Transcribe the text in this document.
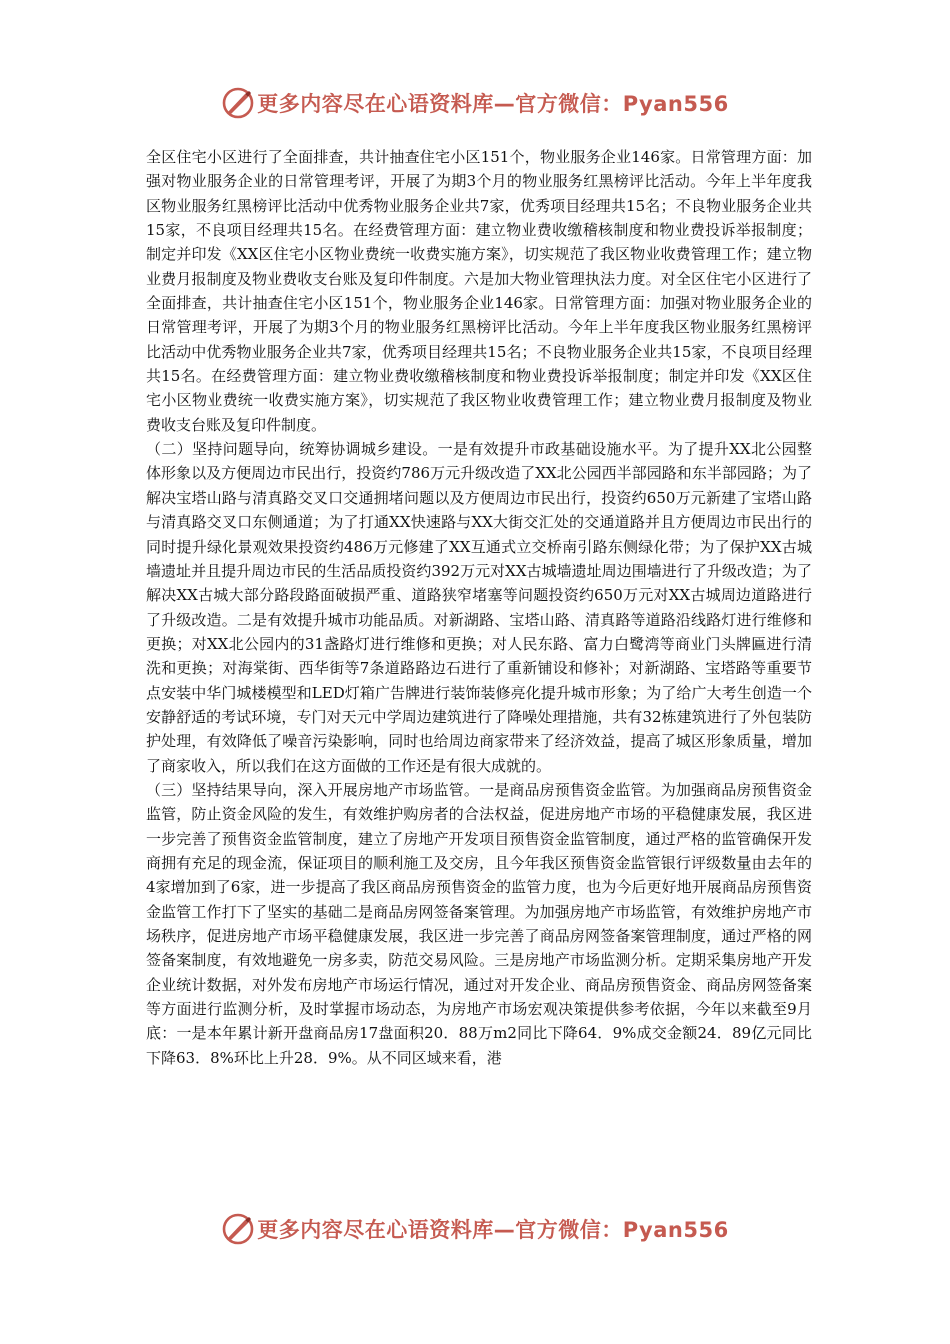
更多内容尽在心语资料库—官方微信：Pyan556

全区住宅小区进行了全面排查，共计抽查住宅小区151个，物业服务企业146家。日常管理方面：加强对物业服务企业的日常管理考评，开展了为期3个月的物业服务红黑榜评比活动。今年上半年度我区物业服务红黑榜评比活动中优秀物业服务企业共7家，优秀项目经理共15名；不良物业服务企业共15家，不良项目经理共15名。在经费管理方面：建立物业费收缴稽核制度和物业费投诉举报制度；制定并印发《XX区住宅小区物业费统一收费实施方案》，切实规范了我区物业收费管理工作；建立物业费月报制度及物业费收支台账及复印件制度。六是加大物业管理执法力度。对全区住宅小区进行了全面排查，共计抽查住宅小区151个，物业服务企业146家。日常管理方面：加强对物业服务企业的日常管理考评，开展了为期3个月的物业服务红黑榜评比活动。今年上半年度我区物业服务红黑榜评比活动中优秀物业服务企业共7家，优秀项目经理共15名；不良物业服务企业共15家，不良项目经理共15名。在经费管理方面：建立物业费收缴稽核制度和物业费投诉举报制度；制定并印发《XX区住宅小区物业费统一收费实施方案》，切实规范了我区物业收费管理工作；建立物业费月报制度及物业费收支台账及复印件制度。

（二）坚持问题导向，统筹协调城乡建设。一是有效提升市政基础设施水平。为了提升XX北公园整体形象以及方便周边市民出行，投资约786万元升级改造了XX北公园西半部园路和东半部园路；为了解决宝塔山路与清真路交叉口交通拥堵问题以及方便周边市民出行，投资约650万元新建了宝塔山路与清真路交叉口东侧通道；为了打通XX快速路与XX大街交汇处的交通道路并且方便周边市民出行的同时提升绿化景观效果投资约486万元修建了XX互通式立交桥南引路东侧绿化带；为了保护XX古城墙遗址并且提升周边市民的生活品质投资约392万元对XX古城墙遗址周边围墙进行了升级改造；为了解决XX古城大部分路段路面破损严重、道路狭窄堵塞等问题投资约650万元对XX古城周边道路进行了升级改造。二是有效提升城市功能品质。对新湖路、宝塔山路、清真路等道路沿线路灯进行维修和更换；对XX北公园内的31盏路灯进行维修和更换；对人民东路、富力白鹭湾等商业门头牌匾进行清洗和更换；对海棠街、西华街等7条道路路边石进行了重新铺设和修补；对新湖路、宝塔路等重要节点安装中华门城楼模型和LED灯箱广告牌进行装饰装修亮化提升城市形象；为了给广大考生创造一个安静舒适的考试环境，专门对天元中学周边建筑进行了降噪处理措施，共有32栋建筑进行了外包装防护处理，有效降低了噪音污染影响，同时也给周边商家带来了经济效益，提高了城区形象质量，增加了商家收入，所以我们在这方面做的工作还是有很大成就的。

（三）坚持结果导向，深入开展房地产市场监管。一是商品房预售资金监管。为加强商品房预售资金监管，防止资金风险的发生，有效维护购房者的合法权益，促进房地产市场的平稳健康发展，我区进一步完善了预售资金监管制度，建立了房地产开发项目预售资金监管制度，通过严格的监管确保开发商拥有充足的现金流，保证项目的顺利施工及交房，且今年我区预售资金监管银行评级数量由去年的4家增加到了6家，进一步提高了我区商品房预售资金的监管力度，也为今后更好地开展商品房预售资金监管工作打下了坚实的基础二是商品房网签备案管理。为加强房地产市场监管，有效维护房地产市场秩序，促进房地产市场平稳健康发展，我区进一步完善了商品房网签备案管理制度，通过严格的网签备案制度，有效地避免一房多卖，防范交易风险。三是房地产市场监测分析。定期采集房地产开发企业统计数据，对外发布房地产市场运行情况，通过对开发企业、商品房预售资金、商品房网签备案等方面进行监测分析，及时掌握市场动态，为房地产市场宏观决策提供参考依据，今年以来截至9月底：一是本年累计新开盘商品房17盘面积20．88万m2同比下降64．9%成交金额24．89亿元同比下降63．8%环比上升28．9%。从不同区域来看，港

更多内容尽在心语资料库—官方微信：Pyan556
